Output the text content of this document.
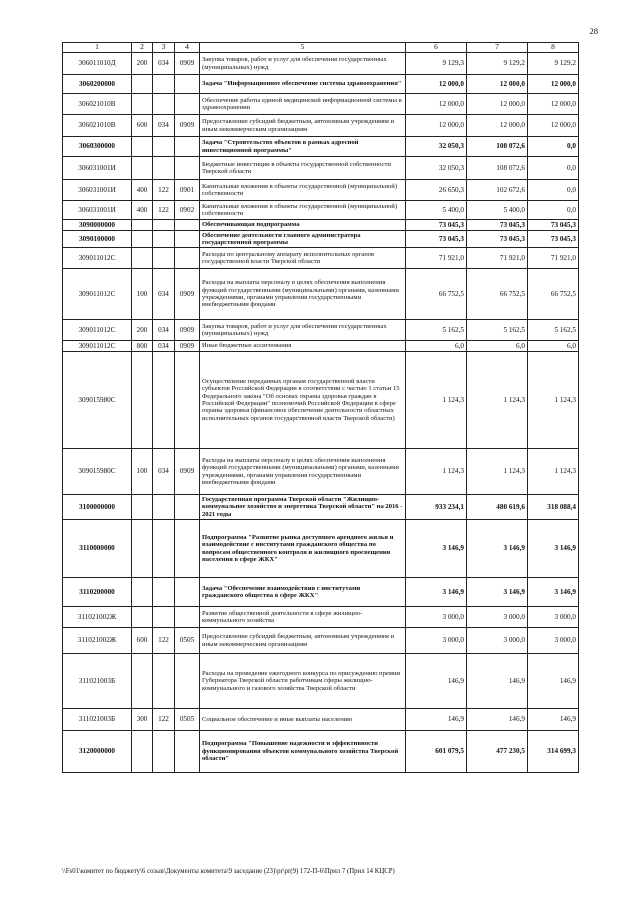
28
1	2	3	4	5	6	7	8
306011010Д	200	034	0909	Закупка товаров, работ и услуг для обеспечения государственных (муниципальных) нужд	9 129,3	9 129,2	9 129,2
3060200000				Задача "Информационное обеспечение системы здравоохранения"	12 000,0	12 000,0	12 000,0
306021010В				Обеспечение работы единой медицинской информационной системы в здравоохранении	12 000,0	12 000,0	12 000,0
306021010В	600	034	0909	Предоставление субсидий бюджетным, автономным учреждениям и иным некоммерческим организациям	12 000,0	12 000,0	12 000,0
3060300000				Задача "Строительство объектов в рамках адресной инвестиционной программы"	32 050,3	108 072,6	0,0
306031001И				Бюджетные инвестиции в объекты государственной собственности Тверской области	32 050,3	108 072,6	0,0
306031001И	400	122	0901	Капитальные вложения в объекты государственной (муниципальной) собственности	26 650,3	102 672,6	0,0
306031001И	400	122	0902	Капитальные вложения в объекты государственной (муниципальной) собственности	5 400,0	5 400,0	0,0
3090000000				Обеспечивающая подпрограмма	73 045,3	73 045,3	73 045,3
3090100000				Обеспечение деятельности главного администратора государственной программы	73 045,3	73 045,3	73 045,3
309011012С				Расходы по центральному аппарату исполнительных органов государственной власти Тверской области	71 921,0	71 921,0	71 921,0
309011012С	100	034	0909	Расходы на выплаты персоналу в целях обеспечения выполнения функций государственными (муниципальными) органами, казенными учреждениями, органами управления государственными внебюджетными фондами	66 752,5	66 752,5	66 752,5
309011012С	200	034	0909	Закупка товаров, работ и услуг для обеспечения государственных (муниципальных) нужд	5 162,5	5 162,5	5 162,5
309011012С	800	034	0909	Иные бюджетные ассигнования	6,0	6,0	6,0
309015980С				Осуществление переданных органам государственной власти субъектов Российской Федерации в соответствии с частью 1 статьи 15 Федерального закона "Об основах охраны здоровья граждан в Российской Федерации" полномочий Российской Федерации в сфере охраны здоровья (финансовое обеспечение деятельности областных исполнительных органов государственной власти Тверской области)	1 124,3	1 124,3	1 124,3
309015980С	100	034	0909	Расходы на выплаты персоналу в целях обеспечения выполнения функций государственными (муниципальными) органами, казенными учреждениями, органами управления государственными внебюджетными фондами	1 124,3	1 124,3	1 124,3
3100000000				Государственная программа Тверской области "Жилищно-коммунальное хозяйство и энергетика Тверской области" на 2016 - 2021 годы	933 234,1	480 619,6	318 088,4
3110000000				Подпрограмма "Развитие рынка доступного арендного жилья и взаимодействие с институтами гражданского общества по вопросам общественного контроля и жилищного просвещения населения в сфере ЖКХ"	3 146,9	3 146,9	3 146,9
3110200000				Задача "Обеспечение взаимодействия с институтами гражданского общества в сфере ЖКХ"	3 146,9	3 146,9	3 146,9
311021002Ж				Развитие общественной деятельности в сфере жилищно-коммунального хозяйства	3 000,0	3 000,0	3 000,0
311021002Ж	600	122	0505	Предоставление субсидий бюджетным, автономным учреждениям и иным некоммерческим организациям	3 000,0	3 000,0	3 000,0
311021003Б				Расходы на проведение ежегодного конкурса по присуждению премии Губернатора Тверской области работникам сферы жилищно-коммунального и газового хозяйства Тверской области	146,9	146,9	146,9
311021003Б	300	122	0505	Социальное обеспечение и иные выплаты населению	146,9	146,9	146,9
3120000000				Подпрограмма "Повышение надежности и эффективности функционирования объектов коммунального хозяйства Тверской области"	601 079,5	477 230,5	314 699,3
\\Fs01\комитет по бюджету\6 созыв\Документы комитета\9 заседание (23)\pr\pr(9) 172-П-6\Прил 7 (Прил 14 КЦСР)
